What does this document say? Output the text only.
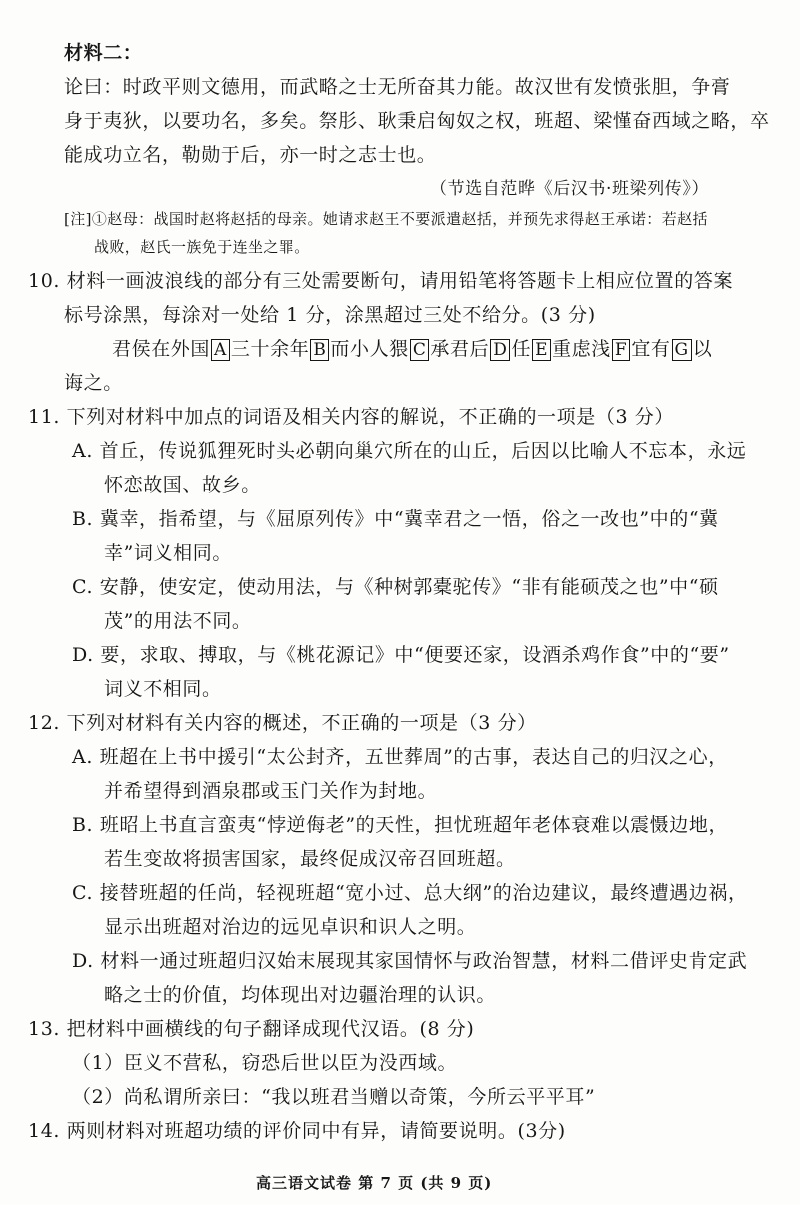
材料二：
论曰：时政平则文德用，而武略之士无所奋其力能。故汉世有发愤张胆，争膏
身于夷狄，以要功名，多矣。祭肜、耿秉启匈奴之权，班超、梁慬奋西域之略，卒
能成功立名，勒勋于后，亦一时之志士也。
（节选自范晔《后汉书·班梁列传》）
[注]①赵母：战国时赵将赵括的母亲。她请求赵王不要派遣赵括，并预先求得赵王承诺：若赵括
战败，赵氏一族免于连坐之罪。
10. 材料一画波浪线的部分有三处需要断句，请用铅笔将答题卡上相应位置的答案
标号涂黑，每涂对一处给 1 分，涂黑超过三处不给分。(3 分)
君侯在外国 A 三十余年 B 而小人猥 C 承君后 D 任 E 重虑浅 F 宜有 G 以
诲之。
11. 下列对材料中加点的词语及相关内容的解说，不正确的一项是（3 分）
A. 首丘，传说狐狸死时头必朝向巢穴所在的山丘，后因以比喻人不忘本，永远
怀恋故国、故乡。
B. 冀幸，指希望，与《屈原列传》中“冀幸君之一悟，俗之一改也”中的“冀
幸”词义相同。
C. 安静，使安定，使动用法，与《种树郭橐驼传》“非有能硕茂之也”中“硕
茂”的用法不同。
D. 要，求取、搏取，与《桃花源记》中“便要还家，设酒杀鸡作食”中的“要”
词义不相同。
12. 下列对材料有关内容的概述，不正确的一项是（3 分）
A. 班超在上书中援引“太公封齐，五世葬周”的古事，表达自己的归汉之心，
并希望得到酒泉郡或玉门关作为封地。
B. 班昭上书直言蛮夷“悖逆侮老”的天性，担忧班超年老体衰难以震慑边地，
若生变故将损害国家，最终促成汉帝召回班超。
C. 接替班超的任尚，轻视班超“宽小过、总大纲”的治边建议，最终遭遇边祸，
显示出班超对治边的远见卓识和识人之明。
D. 材料一通过班超归汉始末展现其家国情怀与政治智慧，材料二借评史肯定武
略之士的价值，均体现出对边疆治理的认识。
13. 把材料中画横线的句子翻译成现代汉语。(8 分)
（1）臣义不营私，窃恐后世以臣为没西域。
（2）尚私谓所亲曰：“我以班君当赠以奇策，今所云平平耳”
14. 两则材料对班超功绩的评价同中有异，请简要说明。(3分)
高三语文试卷 第 7 页 (共 9 页)
